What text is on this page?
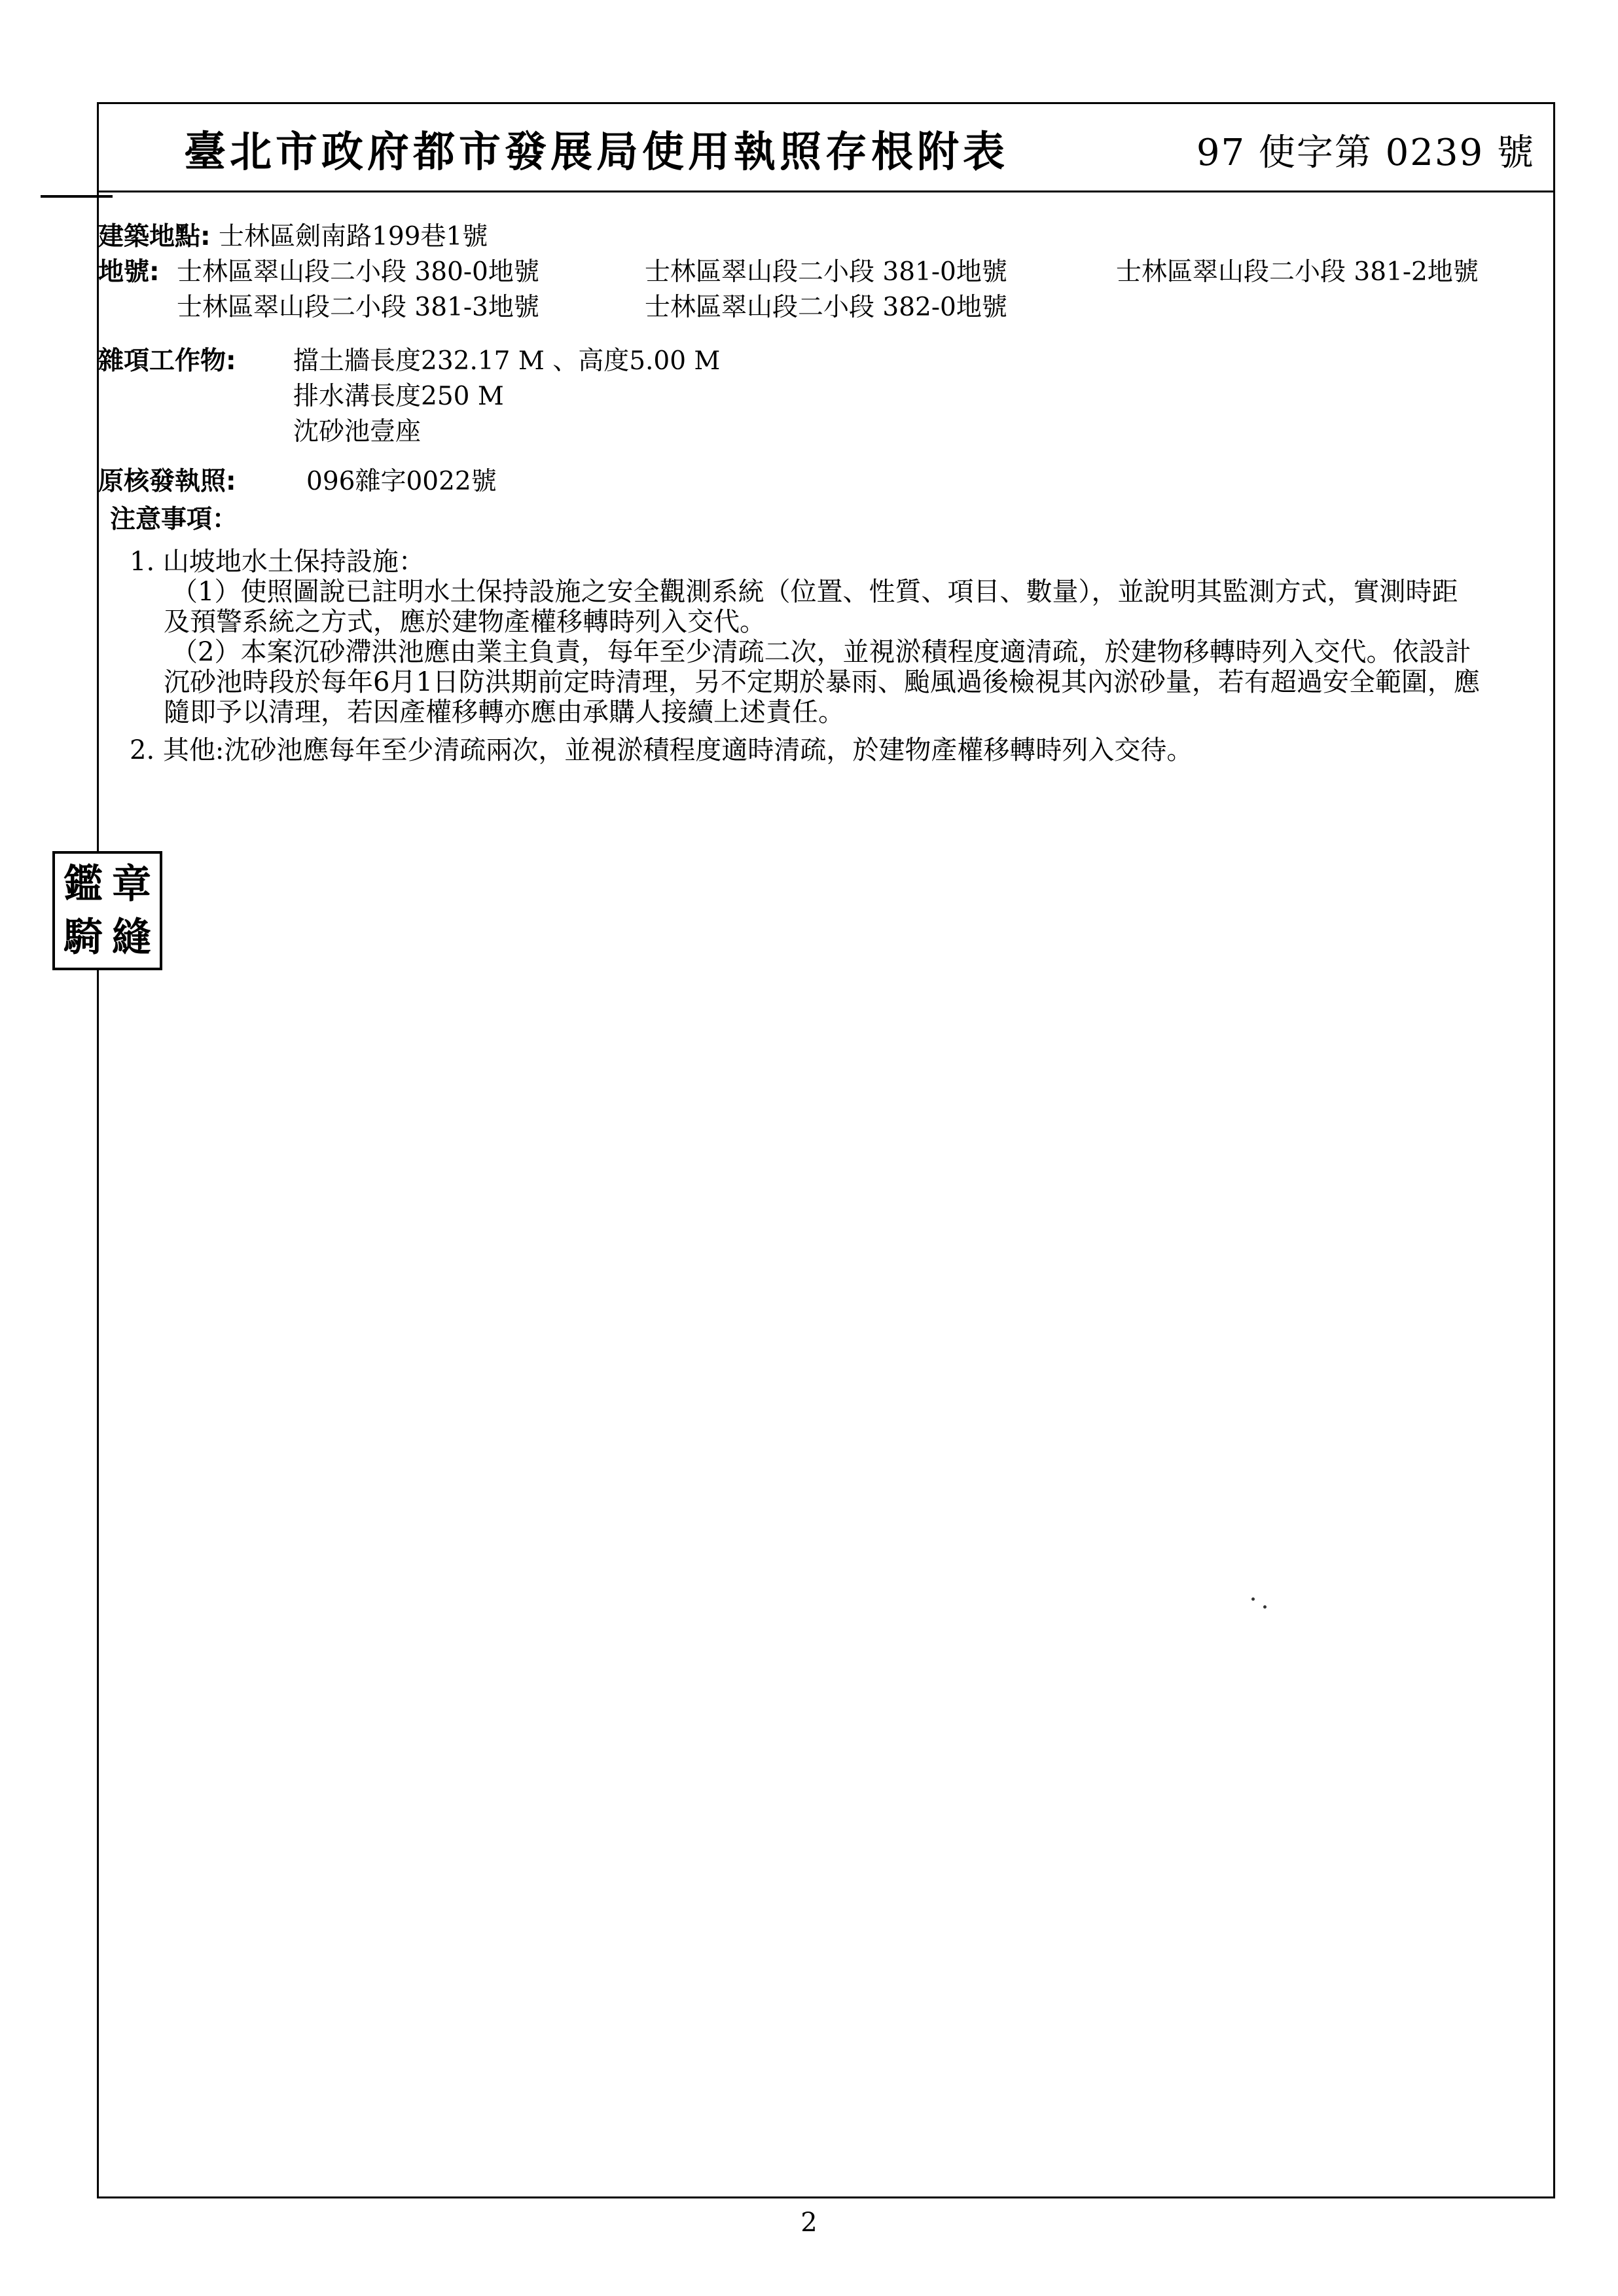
臺北市政府都市發展局使用執照存根附表	97 使字第 0239 號
建築地點: 士林區劍南路199巷1號
地號: 士林區翠山段二小段 380-0地號	士林區翠山段二小段 381-0地號	士林區翠山段二小段 381-2地號
士林區翠山段二小段 381-3地號	士林區翠山段二小段 382-0地號
雜項工作物: 擋土牆長度232.17 M 、高度5.00 M
排水溝長度250 M
沈砂池壹座
原核發執照:	096雜字0022號
注意事項：
1. 山坡地水土保持設施：
（1）使照圖說已註明水土保持設施之安全觀測系統（位置、性質、項目、數量），並說明其監測方式，實測時距
及預警系統之方式，應於建物產權移轉時列入交代。
（2）本案沉砂滯洪池應由業主負責，每年至少清疏二次，並視淤積程度適清疏，於建物移轉時列入交代。依設計
沉砂池時段於每年6月1日防洪期前定時清理，另不定期於暴雨、颱風過後檢視其內淤砂量，若有超過安全範圍，應
隨即予以清理，若因產權移轉亦應由承購人接續上述責任。
2. 其他:沈砂池應每年至少清疏兩次，並視淤積程度適時清疏，於建物產權移轉時列入交待。
鑑 章
騎 縫
2
